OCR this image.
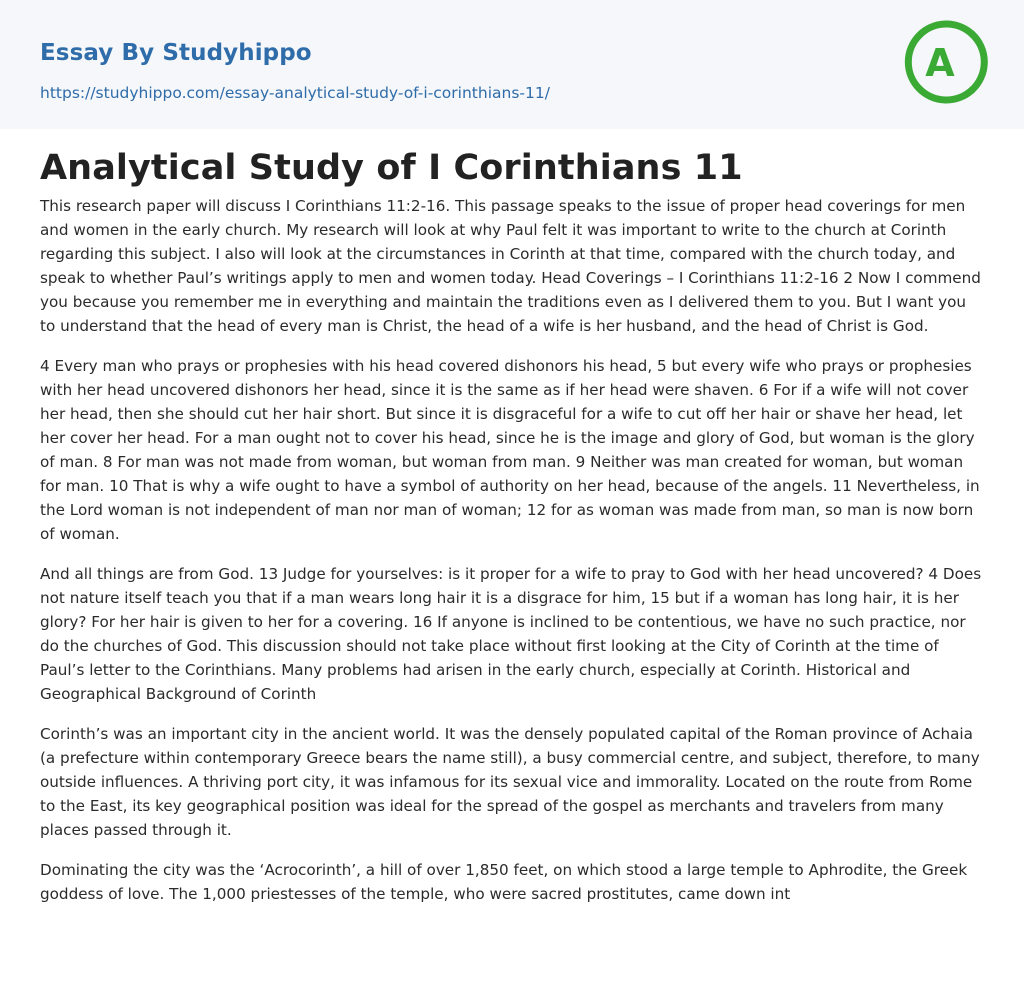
Essay By Studyhippo
https://studyhippo.com/essay-analytical-study-of-i-corinthians-11/
A
Analytical Study of I Corinthians 11

This research paper will discuss I Corinthians 11:2-16. This passage speaks to the issue of proper head coverings for men and women in the early church. My research will look at why Paul felt it was important to write to the church at Corinth regarding this subject. I also will look at the circumstances in Corinth at that time, compared with the church today, and speak to whether Paul’s writings apply to men and women today. Head Coverings – I Corinthians 11:2-16 2 Now I commend you because you remember me in everything and maintain the traditions even as I delivered them to you. But I want you to understand that the head of every man is Christ, the head of a wife is her husband, and the head of Christ is God.

4 Every man who prays or prophesies with his head covered dishonors his head, 5 but every wife who prays or prophesies with her head uncovered dishonors her head, since it is the same as if her head were shaven. 6 For if a wife will not cover her head, then she should cut her hair short. But since it is disgraceful for a wife to cut off her hair or shave her head, let her cover her head. For a man ought not to cover his head, since he is the image and glory of God, but woman is the glory of man. 8 For man was not made from woman, but woman from man. 9 Neither was man created for woman, but woman for man. 10 That is why a wife ought to have a symbol of authority on her head, because of the angels. 11 Nevertheless, in the Lord woman is not independent of man nor man of woman; 12 for as woman was made from man, so man is now born of woman.

And all things are from God. 13 Judge for yourselves: is it proper for a wife to pray to God with her head uncovered? 4 Does not nature itself teach you that if a man wears long hair it is a disgrace for him, 15 but if a woman has long hair, it is her glory? For her hair is given to her for a covering. 16 If anyone is inclined to be contentious, we have no such practice, nor do the churches of God. This discussion should not take place without first looking at the City of Corinth at the time of Paul’s letter to the Corinthians. Many problems had arisen in the early church, especially at Corinth. Historical and Geographical Background of Corinth

Corinth’s was an important city in the ancient world. It was the densely populated capital of the Roman province of Achaia (a prefecture within contemporary Greece bears the name still), a busy commercial centre, and subject, therefore, to many outside influences. A thriving port city, it was infamous for its sexual vice and immorality. Located on the route from Rome to the East, its key geographical position was ideal for the spread of the gospel as merchants and travelers from many places passed through it.

Dominating the city was the ‘Acrocorinth’, a hill of over 1,850 feet, on which stood a large temple to Aphrodite, the Greek goddess of love. The 1,000 priestesses of the temple, who were sacred prostitutes, came down int
